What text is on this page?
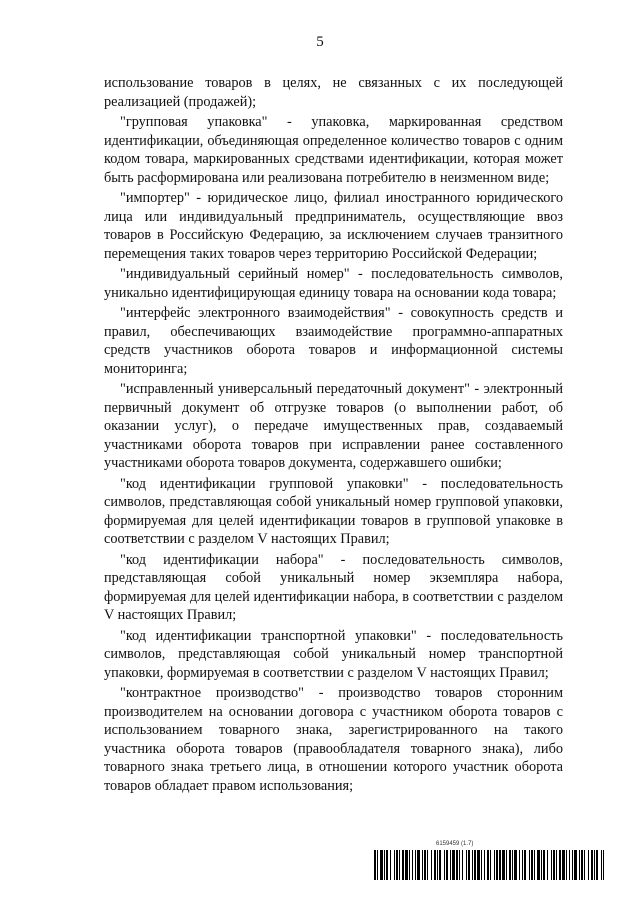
5

использование товаров в целях, не связанных с их последующей реализацией (продажей);

"групповая упаковка" - упаковка, маркированная средством идентификации, объединяющая определенное количество товаров с одним кодом товара, маркированных средствами идентификации, которая может быть расформирована или реализована потребителю в неизменном виде;

"импортер" - юридическое лицо, филиал иностранного юридического лица или индивидуальный предприниматель, осуществляющие ввоз товаров в Российскую Федерацию, за исключением случаев транзитного перемещения таких товаров через территорию Российской Федерации;

"индивидуальный серийный номер" - последовательность символов, уникально идентифицирующая единицу товара на основании кода товара;

"интерфейс электронного взаимодействия" - совокупность средств и правил, обеспечивающих взаимодействие программно-аппаратных средств участников оборота товаров и информационной системы мониторинга;

"исправленный универсальный передаточный документ" - электронный первичный документ об отгрузке товаров (о выполнении работ, об оказании услуг), о передаче имущественных прав, создаваемый участниками оборота товаров при исправлении ранее составленного участниками оборота товаров документа, содержавшего ошибки;

"код идентификации групповой упаковки" - последовательность символов, представляющая собой уникальный номер групповой упаковки, формируемая для целей идентификации товаров в групповой упаковке в соответствии с разделом V настоящих Правил;

"код идентификации набора" - последовательность символов, представляющая собой уникальный номер экземпляра набора, формируемая для целей идентификации набора, в соответствии с разделом V настоящих Правил;

"код идентификации транспортной упаковки" - последовательность символов, представляющая собой уникальный номер транспортной упаковки, формируемая в соответствии с разделом V настоящих Правил;

"контрактное производство" - производство товаров сторонним производителем на основании договора с участником оборота товаров с использованием товарного знака, зарегистрированного на такого участника оборота товаров (правообладателя товарного знака), либо товарного знака третьего лица, в отношении которого участник оборота товаров обладает правом использования;

6159459 (1.7)
